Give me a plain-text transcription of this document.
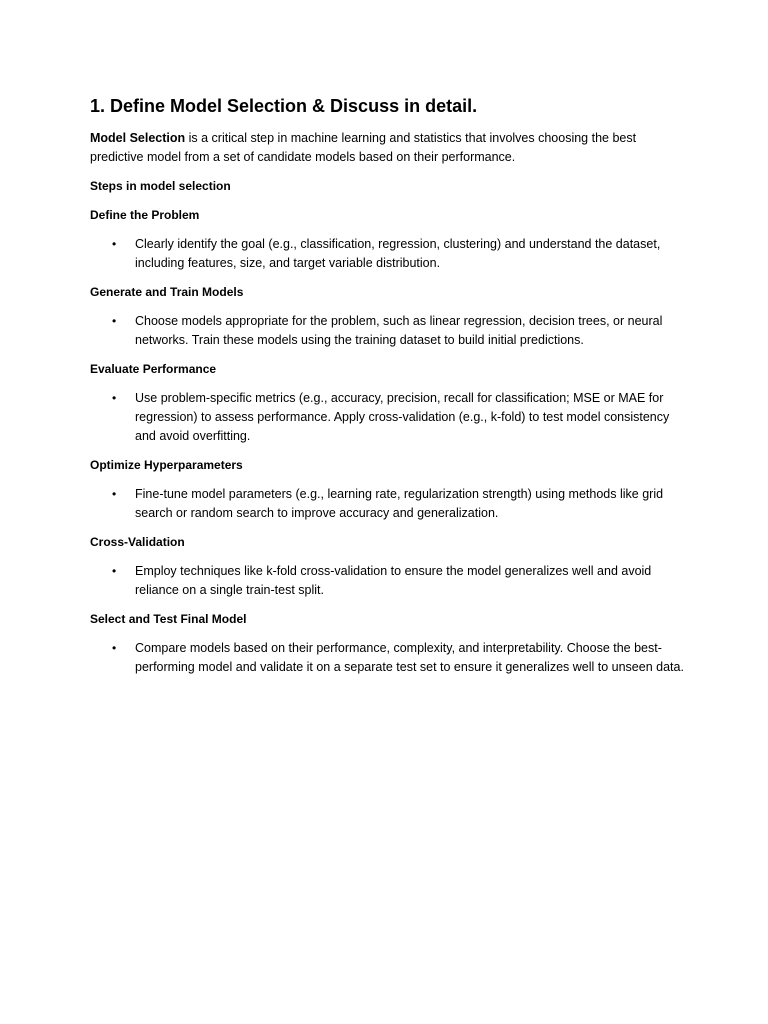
1. Define Model Selection & Discuss in detail.

Model Selection is a critical step in machine learning and statistics that involves choosing the best predictive model from a set of candidate models based on their performance.

Steps in model selection
Define the Problem
• Clearly identify the goal (e.g., classification, regression, clustering) and understand the dataset, including features, size, and target variable distribution.
Generate and Train Models
• Choose models appropriate for the problem, such as linear regression, decision trees, or neural networks. Train these models using the training dataset to build initial predictions.
Evaluate Performance
• Use problem-specific metrics (e.g., accuracy, precision, recall for classification; MSE or MAE for regression) to assess performance. Apply cross-validation (e.g., k-fold) to test model consistency and avoid overfitting.
Optimize Hyperparameters
• Fine-tune model parameters (e.g., learning rate, regularization strength) using methods like grid search or random search to improve accuracy and generalization.
Cross-Validation
• Employ techniques like k-fold cross-validation to ensure the model generalizes well and avoid reliance on a single train-test split.
Select and Test Final Model
• Compare models based on their performance, complexity, and interpretability. Choose the best-performing model and validate it on a separate test set to ensure it generalizes well to unseen data.
